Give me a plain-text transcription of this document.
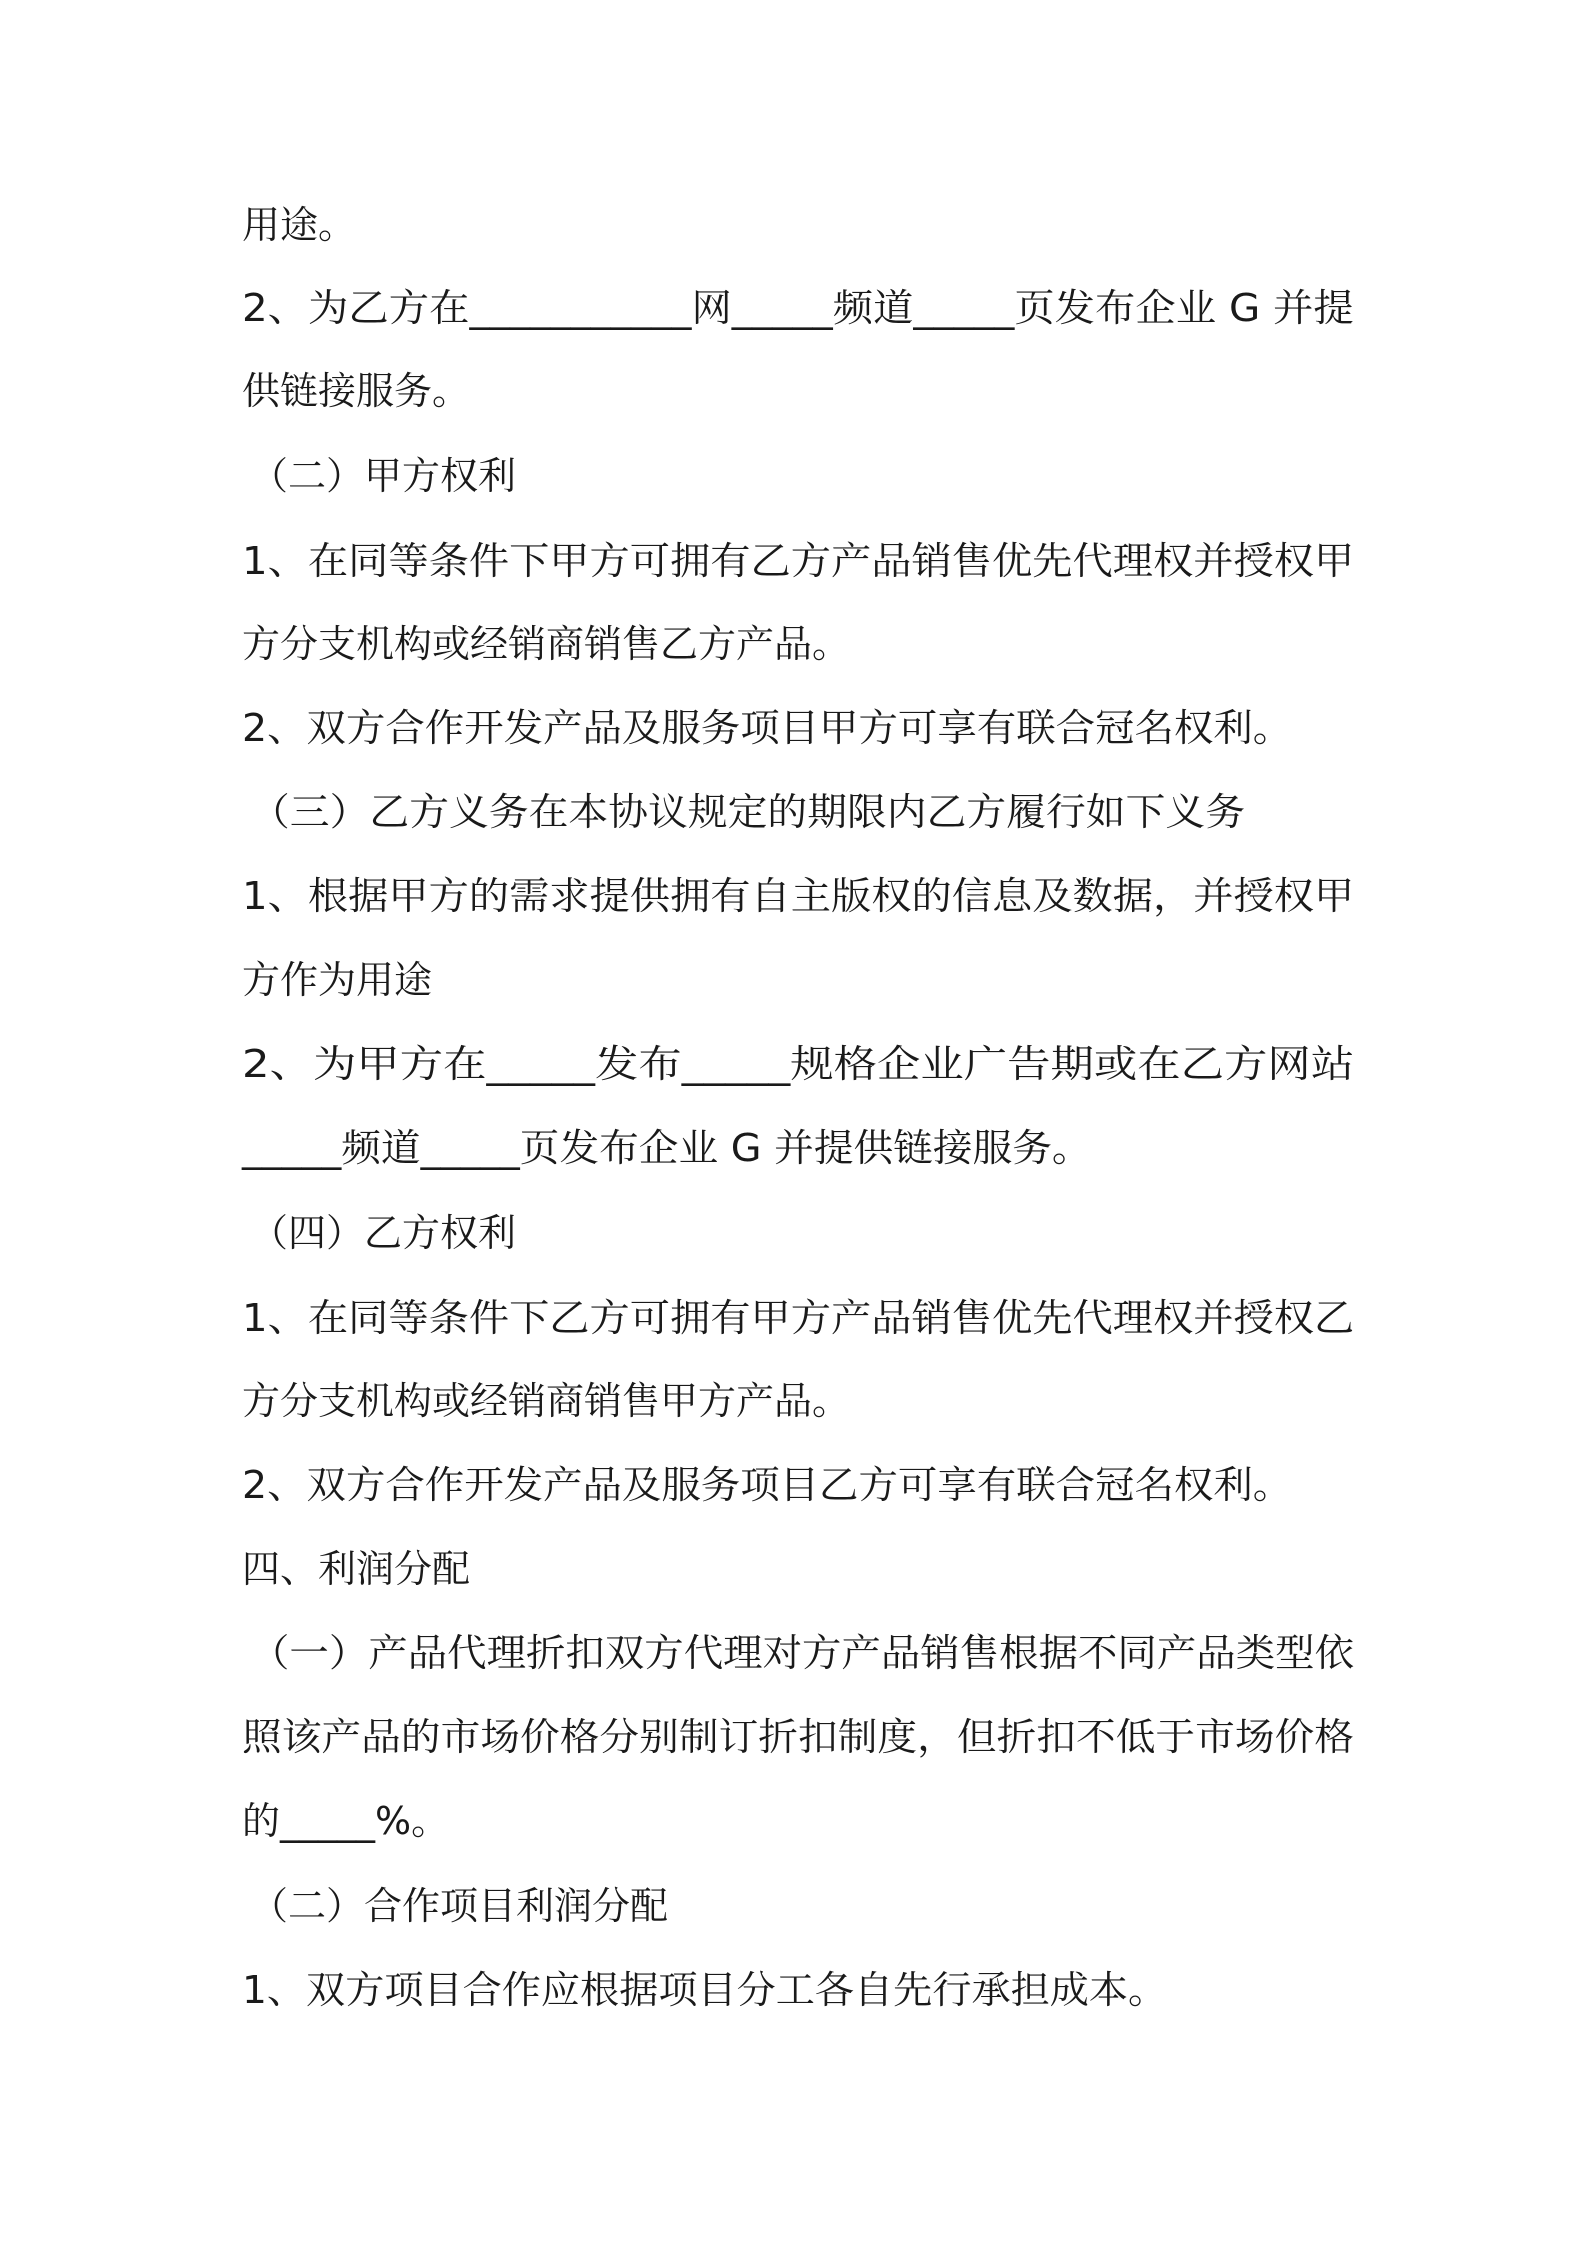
用途。
2、为乙方在___________网_____频道_____页发布企业 G 并提
供链接服务。
（二）甲方权利
1、在同等条件下甲方可拥有乙方产品销售优先代理权并授权甲
方分支机构或经销商销售乙方产品。
2、双方合作开发产品及服务项目甲方可享有联合冠名权利。
（三）乙方义务在本协议规定的期限内乙方履行如下义务
1、根据甲方的需求提供拥有自主版权的信息及数据，并授权甲
方作为用途
2、为甲方在_____发布_____规格企业广告期或在乙方网站
_____频道_____页发布企业 G 并提供链接服务。
（四）乙方权利
1、在同等条件下乙方可拥有甲方产品销售优先代理权并授权乙
方分支机构或经销商销售甲方产品。
2、双方合作开发产品及服务项目乙方可享有联合冠名权利。
四、利润分配
（一）产品代理折扣双方代理对方产品销售根据不同产品类型依
照该产品的市场价格分别制订折扣制度，但折扣不低于市场价格
的_____%。
（二）合作项目利润分配
1、双方项目合作应根据项目分工各自先行承担成本。
